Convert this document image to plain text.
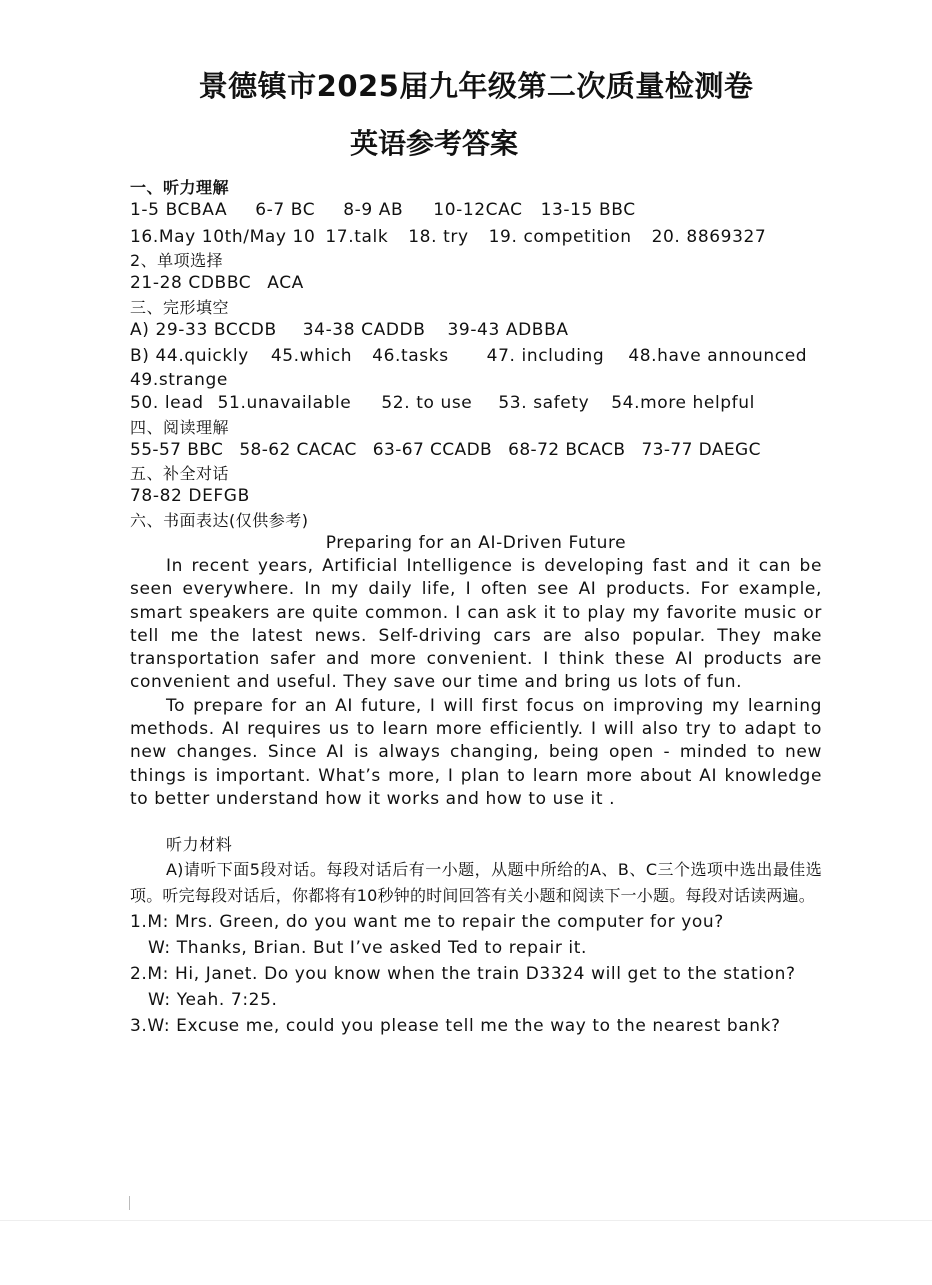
景德镇市2025届九年级第二次质量检测卷
英语参考答案
一、听力理解
1-5 BCBAA 6-7 BC 8-9 AB 10-12CAC 13-15 BBC
16.May 10th/May 10 17.talk 18. try 19. competition 20. 8869327
2、单项选择
21-28 CDBBC ACA
三、完形填空
A) 29-33 BCCDB 34-38 CADDB 39-43 ADBBA
B) 44.quickly 45.which 46.tasks 47. including 48.have announced
49.strange
50. lead 51.unavailable 52. to use 53. safety 54.more helpful
四、阅读理解
55-57 BBC 58-62 CACAC 63-67 CCADB 68-72 BCACB 73-77 DAEGC
五、补全对话
78-82 DEFGB
六、书面表达(仅供参考)
Preparing for an AI-Driven Future

In recent years, Artificial Intelligence is developing fast and it can be seen everywhere. In my daily life, I often see AI products. For example, smart speakers are quite common. I can ask it to play my favorite music or tell me the latest news. Self-driving cars are also popular. They make transportation safer and more convenient. I think these AI products are convenient and useful. They save our time and bring us lots of fun.

To prepare for an AI future, I will first focus on improving my learning methods. AI requires us to learn more efficiently. I will also try to adapt to new changes. Since AI is always changing, being open - minded to new things is important. What’s more, I plan to learn more about AI knowledge to better understand how it works and how to use it .

听力材料

A)请听下面5段对话。每段对话后有一小题，从题中所给的A、B、C三个选项中选出最佳选项。听完每段对话后，你都将有10秒钟的时间回答有关小题和阅读下一小题。每段对话读两遍。

1.M: Mrs. Green, do you want me to repair the computer for you?

W: Thanks, Brian. But I’ve asked Ted to repair it.

2.M: Hi, Janet. Do you know when the train D3324 will get to the station?

W: Yeah. 7:25.

3.W: Excuse me, could you please tell me the way to the nearest bank?
